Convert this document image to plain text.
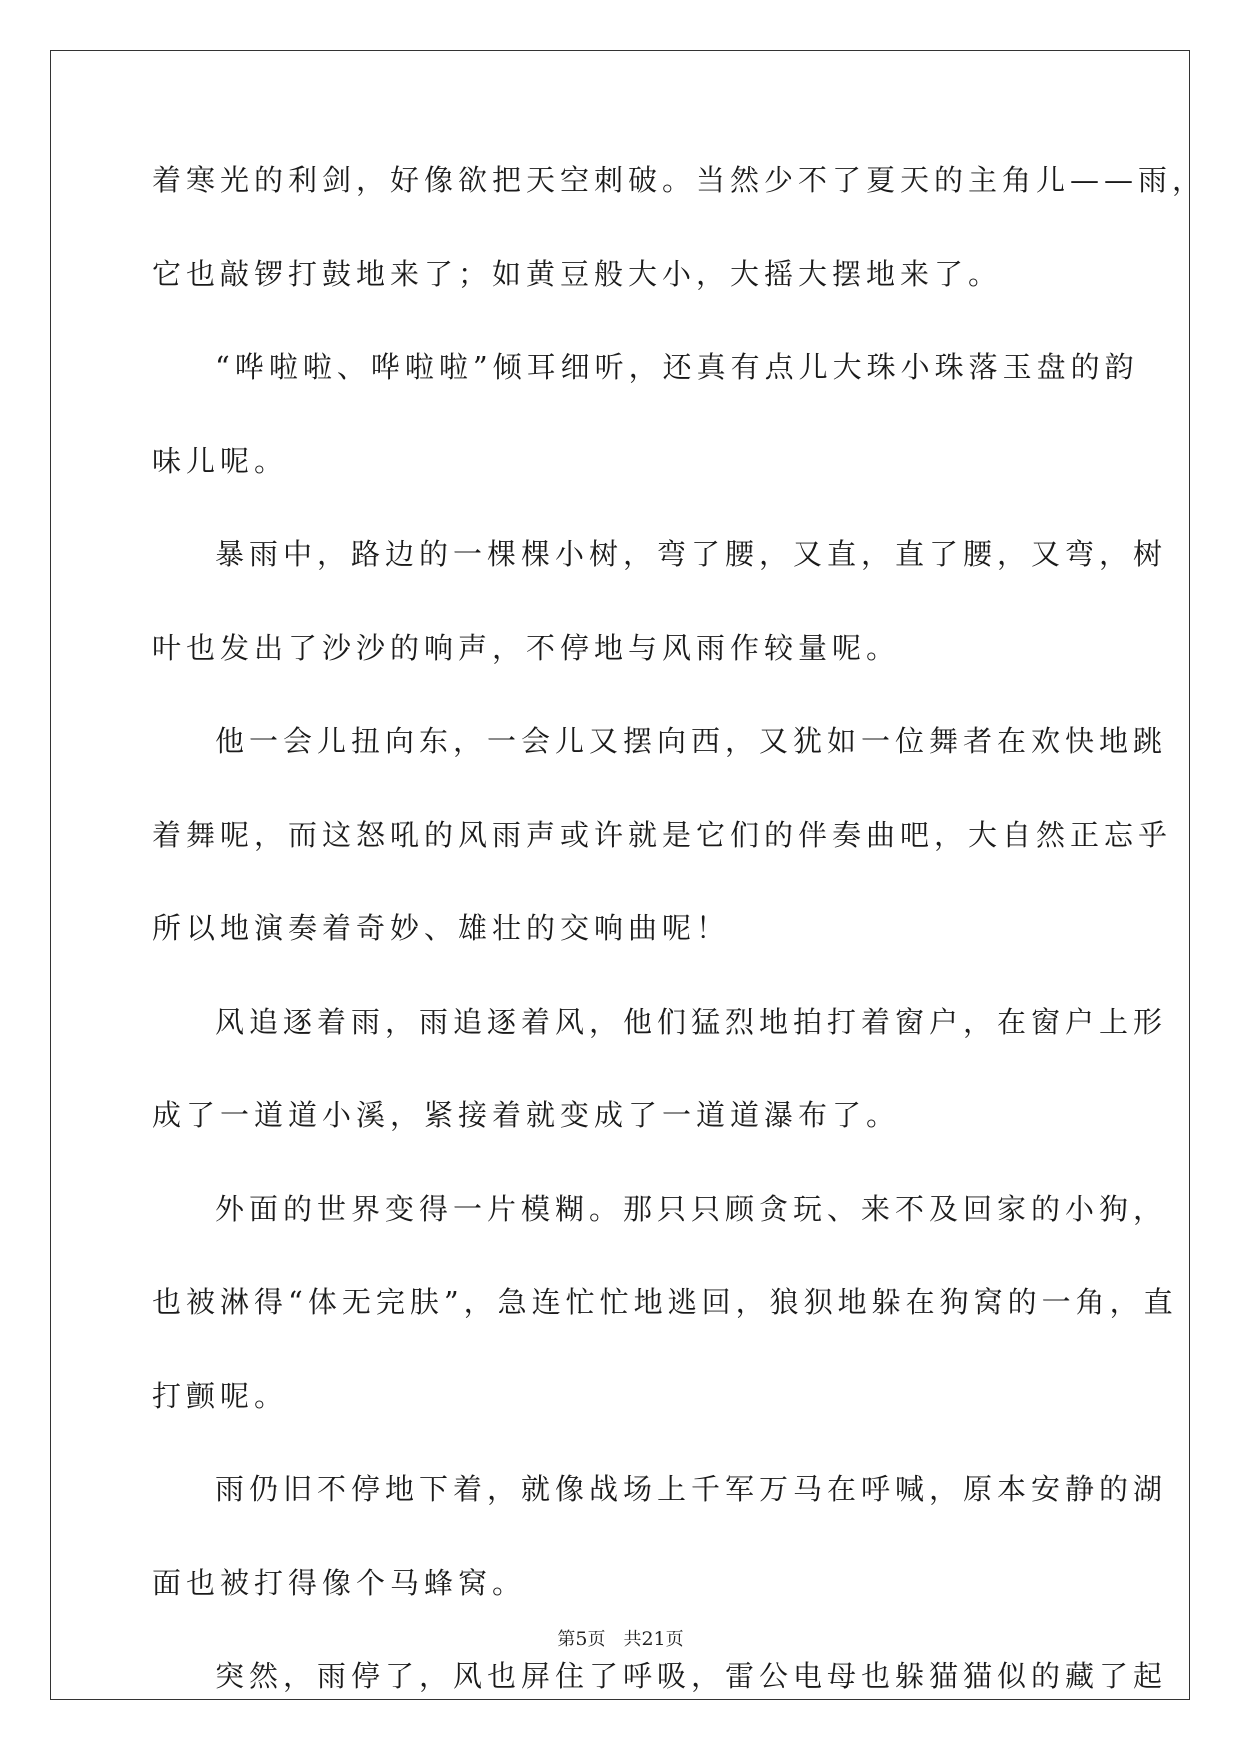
着寒光的利剑，好像欲把天空刺破。当然少不了夏天的主角儿——雨，
它也敲锣打鼓地来了；如黄豆般大小，大摇大摆地来了。
“哗啦啦、哗啦啦”倾耳细听，还真有点儿大珠小珠落玉盘的韵
味儿呢。
暴雨中，路边的一棵棵小树，弯了腰，又直，直了腰，又弯，树
叶也发出了沙沙的响声，不停地与风雨作较量呢。
他一会儿扭向东，一会儿又摆向西，又犹如一位舞者在欢快地跳
着舞呢，而这怒吼的风雨声或许就是它们的伴奏曲吧，大自然正忘乎
所以地演奏着奇妙、雄壮的交响曲呢！
风追逐着雨，雨追逐着风，他们猛烈地拍打着窗户，在窗户上形
成了一道道小溪，紧接着就变成了一道道瀑布了。
外面的世界变得一片模糊。那只只顾贪玩、来不及回家的小狗，
也被淋得“体无完肤”，急连忙忙地逃回，狼狈地躲在狗窝的一角，直
打颤呢。
雨仍旧不停地下着，就像战场上千军万马在呼喊，原本安静的湖
面也被打得像个马蜂窝。
突然，雨停了，风也屏住了呼吸，雷公电母也躲猫猫似的藏了起
第5页 共21页
